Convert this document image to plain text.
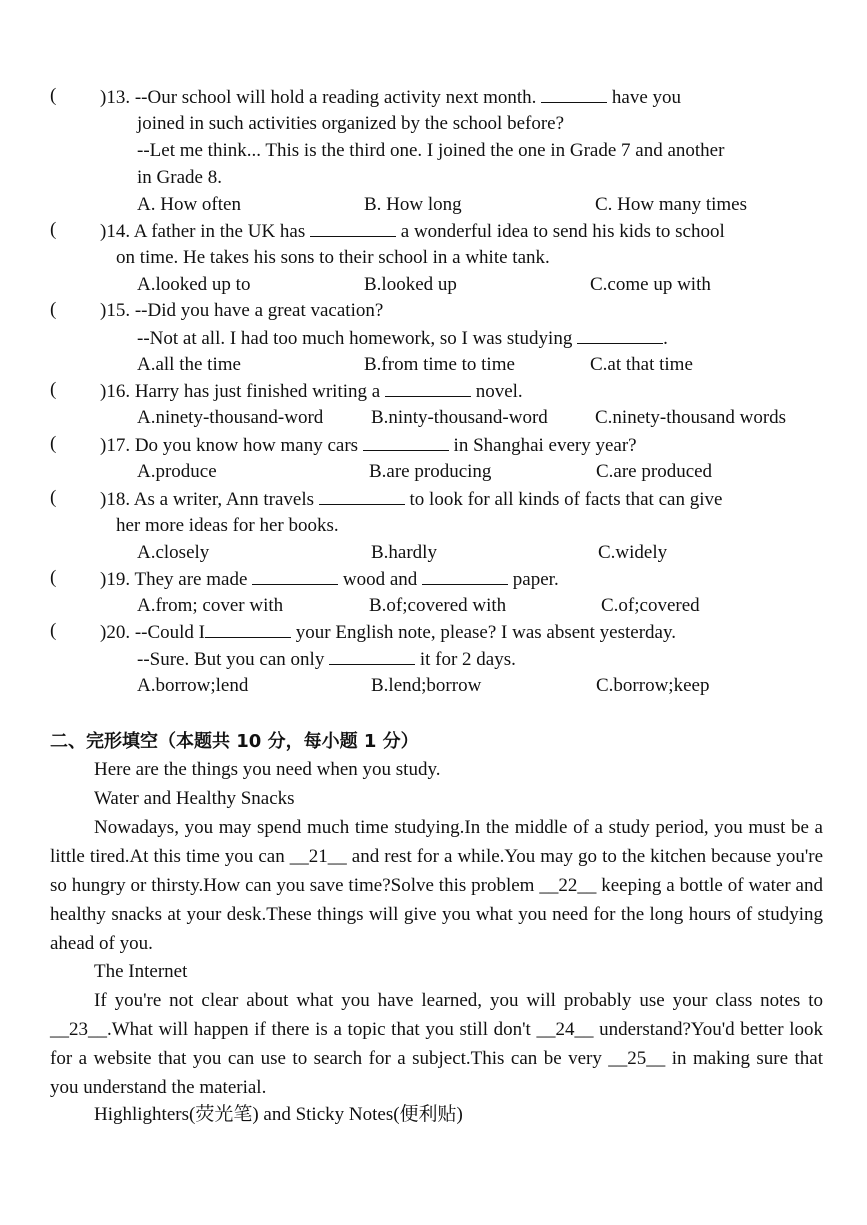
( )13. --Our school will hold a reading activity next month.	have you
joined in such activities organized by the school before?
--Let me think... This is the third one. I joined the one in Grade 7 and another
in Grade 8.
A. How often	B. How long	C. How many times
( )14. A father in the UK has	a wonderful idea to send his kids to school
on time. He takes his sons to their school in a white tank.
A.looked up to	B.looked up	C.come up with
( )15. --Did you have a great vacation?
--Not at all. I had too much homework, so I was studying	.
A.all the time	B.from time to time	C.at that time
( )16. Harry has just finished writing a	novel.
A.ninety-thousand-word	B.ninty-thousand-word C.ninety-thousand words
( )17. Do you know how many cars	in Shanghai every year?
A.produce	B.are producing	C.are produced
( )18. As a writer, Ann travels	to look for all kinds of facts that can give
her more ideas for her books.
A.closely	B.hardly	C.widely
( )19. They are made	wood and	paper.
A.from; cover with	B.of;covered with	C.of;covered
( )20. --Could I	your English note, please? I was absent yesterday.
--Sure. But you can only	it for 2 days.
A.borrow;lend	B.lend;borrow	C.borrow;keep
二、完形填空（本题共 10 分，每小题 1 分）
Here are the things you need when you study.
Water and Healthy Snacks
Nowadays, you may spend much time studying.In the middle of a study period, you must be a little tired.At this time you can __21__ and rest for a while.You may go to the kitchen because you're so hungry or thirsty.How can you save time?Solve this problem __22__ keeping a bottle of water and healthy snacks at your desk.These things will give you what you need for the long hours of studying ahead of you.
The Internet
If you're not clear about what you have learned, you will probably use your class notes to __23__.What will happen if there is a topic that you still don't __24__ understand?You'd better look for a website that you can use to search for a subject.This can be very __25__ in making sure that you understand the material.
Highlighters(荧光笔) and Sticky Notes(便利贴)
